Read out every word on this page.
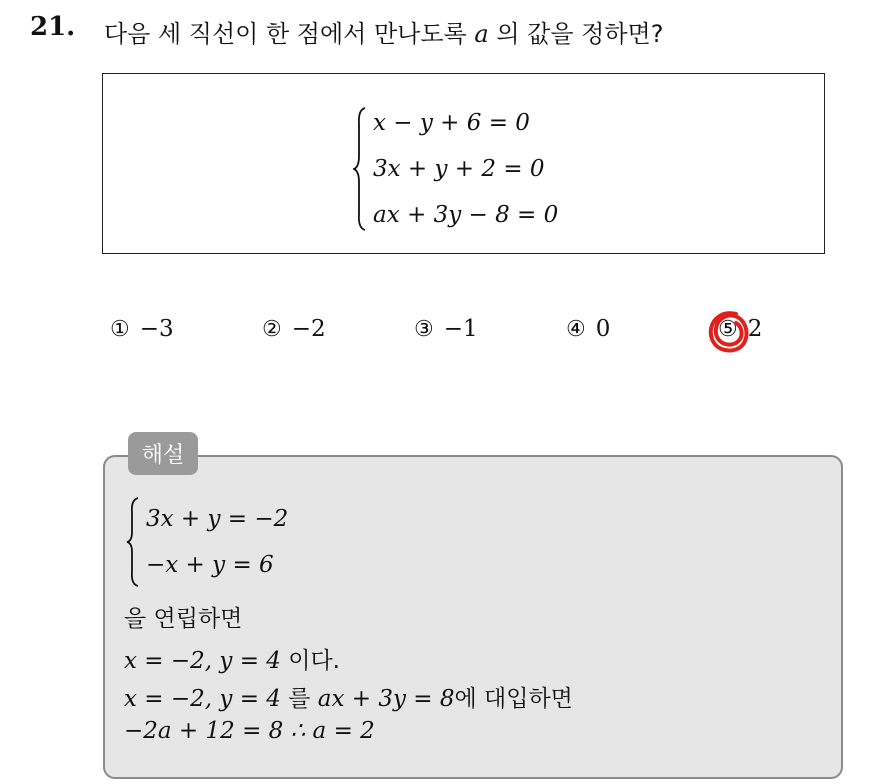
21. 다음 세 직선이 한 점에서 만나도록 a 의 값을 정하면?
x − y + 6 = 0
3x + y + 2 = 0
ax + 3y − 8 = 0
① −3	② −2	③ −1	④ 0	⑤ 2
해설
3x + y = −2
−x + y = 6
을 연립하면
x = −2, y = 4 이다.
x = −2, y = 4 를 ax + 3y = 8에 대입하면
−2a + 12 = 8 ∴ a = 2
